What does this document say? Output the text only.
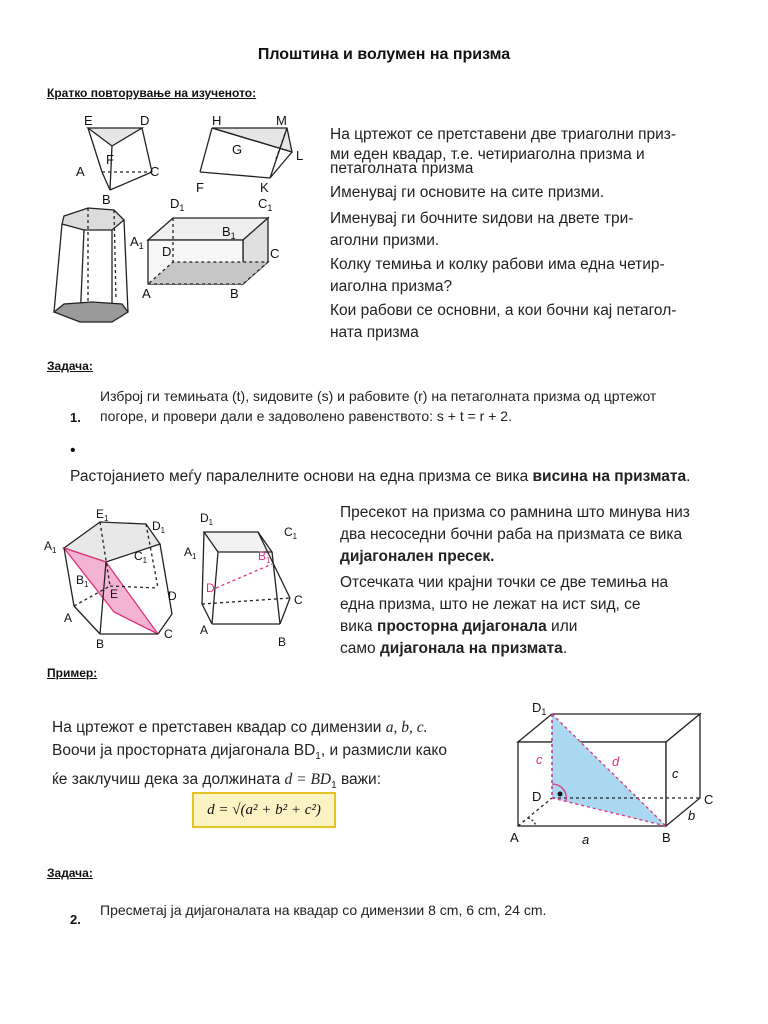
Плоштина и волумен на призма
Кратко повторување на изученото:
E	D
F
A	C
B
H	M
G	L
F	K
$D_1$	$C_1$
$A_1$
$B_1$
D	C
A	B
На цртежот се претставени две триаголни приз-
ми еден квадар, т.е. четириаголна призма и
петаголната призма
Именувај ги основите на сите призми.
Именувај ги бочните ѕидови на двете три-
аголни призми.
Колку темиња и колку рабови има една четир-
иаголна призма?
Кои рабови се основни, а кои бочни кај петагол-
ната призма
Задача:
1.
Изброј ги темињата (t), ѕидовите (s) и рабовите (r) на петаголната призма од цртежот
погоре, и провери дали е задоволено равенството: s + t = r + 2.
•
Растојанието меѓу паралелните основи на една призма се вика висина на призмата.
$E_1$
$D_1$
$A_1$	$C_1$
$B_1$
E	D
A
C
B
$D_1$
$C_1$
$A_1$	$B_1$
D
C
A
B
Пресекот на призма со рамнина што минува низ
два несоседни бочни раба на призмата се вика
дијагонален пресек.
Отсечката чии крајни точки се две темиња на
една призма, што не лежат на ист ѕид, се
вика просторна дијагонала или
само дијагонала на призмата.
Пример:
На цртежот е претставен квадар со димензии a, b, c.
Воочи ја просторната дијагонала $BD_1$, и размисли како
ќе заклучиш дека за должината $d = BD_1$ важи:
d = √(a² + b² + c²)
$D_1$
D	C
A	B
c
c
d
a
b
Задача:
2.
Пресметај ја дијагоналата на квадар со димензии 8 cm, 6 cm, 24 cm.
